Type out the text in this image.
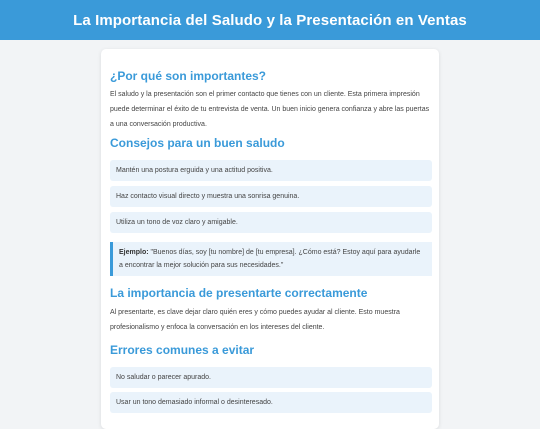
La Importancia del Saludo y la Presentación en Ventas
¿Por qué son importantes?

El saludo y la presentación son el primer contacto que tienes con un cliente. Esta primera impresión puede determinar el éxito de tu entrevista de venta. Un buen inicio genera confianza y abre las puertas a una conversación productiva.

Consejos para un buen saludo
Mantén una postura erguida y una actitud positiva.
Haz contacto visual directo y muestra una sonrisa genuina.
Utiliza un tono de voz claro y amigable.
Ejemplo: "Buenos días, soy [tu nombre] de [tu empresa]. ¿Cómo está? Estoy aquí para ayudarle a encontrar la mejor solución para sus necesidades."
La importancia de presentarte correctamente

Al presentarte, es clave dejar claro quién eres y cómo puedes ayudar al cliente. Esto muestra profesionalismo y enfoca la conversación en los intereses del cliente.

Errores comunes a evitar
No saludar o parecer apurado.
Usar un tono demasiado informal o desinteresado.
